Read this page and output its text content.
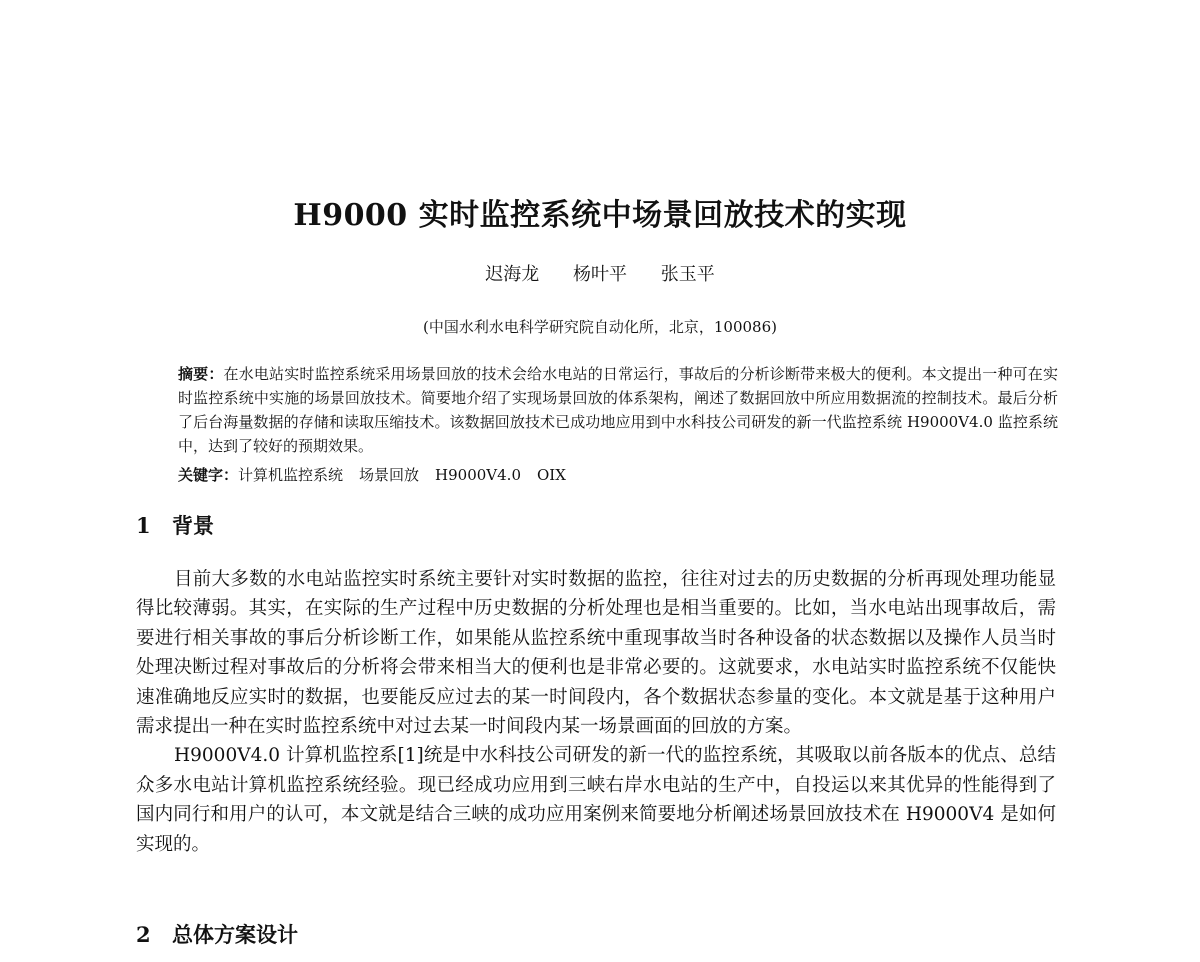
H9000 实时监控系统中场景回放技术的实现
迟海龙 杨叶平 张玉平
(中国水利水电科学研究院自动化所，北京，100086)
摘要：在水电站实时监控系统采用场景回放的技术会给水电站的日常运行，事故后的分析诊断带来极大的便利。本文提出一种可在实时监控系统中实施的场景回放技术。简要地介绍了实现场景回放的体系架构，阐述了数据回放中所应用数据流的控制技术。最后分析了后台海量数据的存储和读取压缩技术。该数据回放技术已成功地应用到中水科技公司研发的新一代监控系统 H9000V4.0 监控系统中，达到了较好的预期效果。
关键字：计算机监控系统 场景回放 H9000V4.0 OIX
1 背景

目前大多数的水电站监控实时系统主要针对实时数据的监控，往往对过去的历史数据的分析再现处理功能显得比较薄弱。其实，在实际的生产过程中历史数据的分析处理也是相当重要的。比如，当水电站出现事故后，需要进行相关事故的事后分析诊断工作，如果能从监控系统中重现事故当时各种设备的状态数据以及操作人员当时处理决断过程对事故后的分析将会带来相当大的便利也是非常必要的。这就要求，水电站实时监控系统不仅能快速准确地反应实时的数据，也要能反应过去的某一时间段内，各个数据状态参量的变化。本文就是基于这种用户需求提出一种在实时监控系统中对过去某一时间段内某一场景画面的回放的方案。

H9000V4.0 计算机监控系[1]统是中水科技公司研发的新一代的监控系统，其吸取以前各版本的优点、总结众多水电站计算机监控系统经验。现已经成功应用到三峡右岸水电站的生产中，自投运以来其优异的性能得到了国内同行和用户的认可，本文就是结合三峡的成功应用案例来简要地分析阐述场景回放技术在 H9000V4 是如何实现的。

2 总体方案设计
